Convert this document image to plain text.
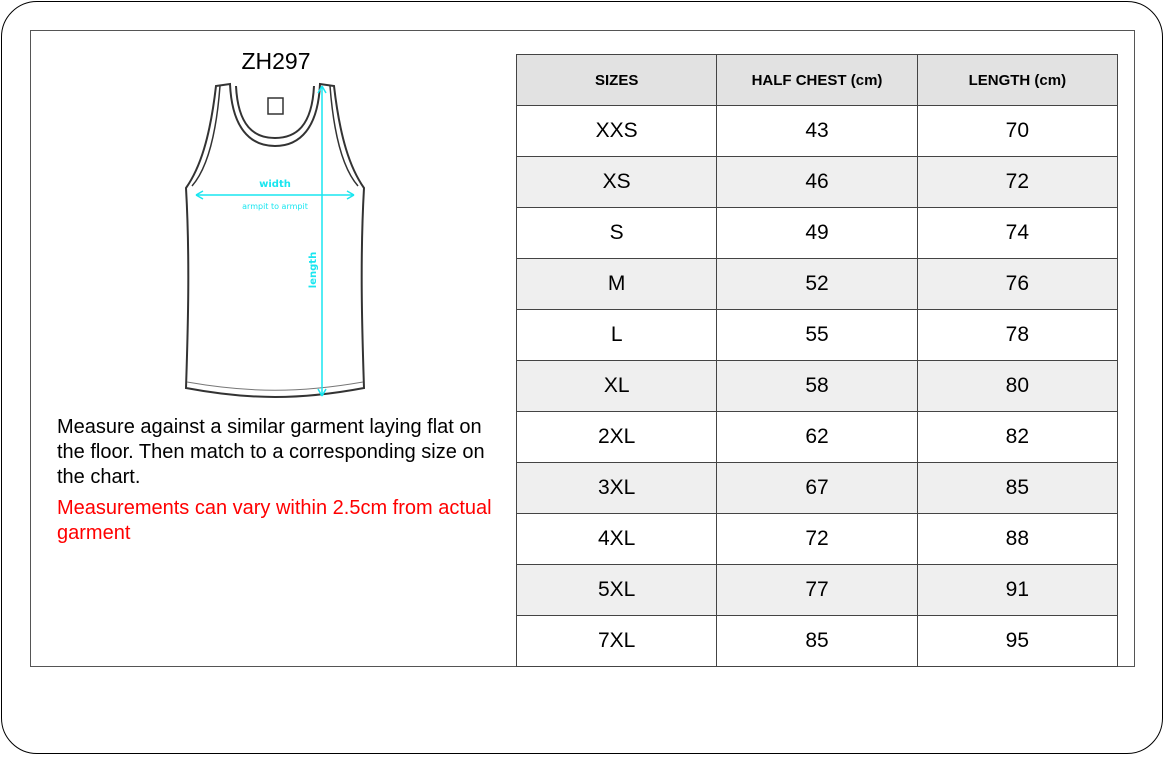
ZH297
width
armpit to armpit
length
Measure against a similar garment laying flat on the floor. Then match to a corresponding size on the chart.
Measurements can vary within 2.5cm from actual garment
SIZES	HALF CHEST (cm)	LENGTH (cm)
XXS	43	70
XS	46	72
S	49	74
M	52	76
L	55	78
XL	58	80
2XL	62	82
3XL	67	85
4XL	72	88
5XL	77	91
7XL	85	95
